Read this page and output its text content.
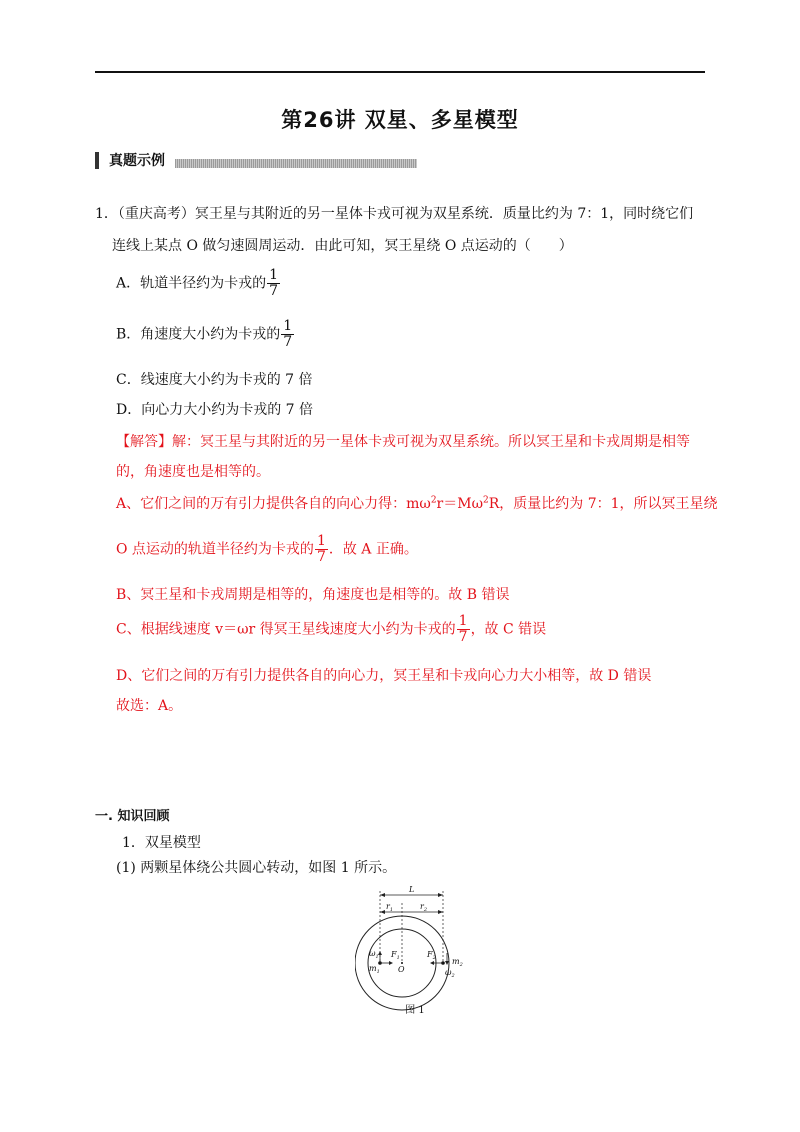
第26讲 双星、多星模型
真题示例
1．（重庆高考）冥王星与其附近的另一星体卡戎可视为双星系统．质量比约为 7：1，同时绕它们
连线上某点 O 做匀速圆周运动．由此可知，冥王星绕 O 点运动的（　　）
A．轨道半径约为卡戎的 $\frac{1}{7}$
B．角速度大小约为卡戎的 $\frac{1}{7}$
C．线速度大小约为卡戎的 7 倍
D．向心力大小约为卡戎的 7 倍
【解答】解：冥王星与其附近的另一星体卡戎可视为双星系统。所以冥王星和卡戎周期是相等
的，角速度也是相等的。
A、它们之间的万有引力提供各自的向心力得：$m\omega^2r=M\omega^2R$，质量比约为 7：1，所以冥王星绕
O 点运动的轨道半径约为卡戎的 $\frac{1}{7}$ ．故 A 正确。
B、冥王星和卡戎周期是相等的，角速度也是相等的。故 B 错误
C、根据线速度 v＝ωr 得冥王星线速度大小约为卡戎的 $\frac{1}{7}$ ，故 C 错误
D、它们之间的万有引力提供各自的向心力，冥王星和卡戎向心力大小相等，故 D 错误
故选：A。
一. 知识回顾
1．双星模型
(1) 两颗星体绕公共圆心转动，如图 1 所示。
L
$r_1$	$r_2$
$F_1$	$F_2$
O
$\omega_1$
$m_1$
$m_2$
$\omega_2$
图 1
